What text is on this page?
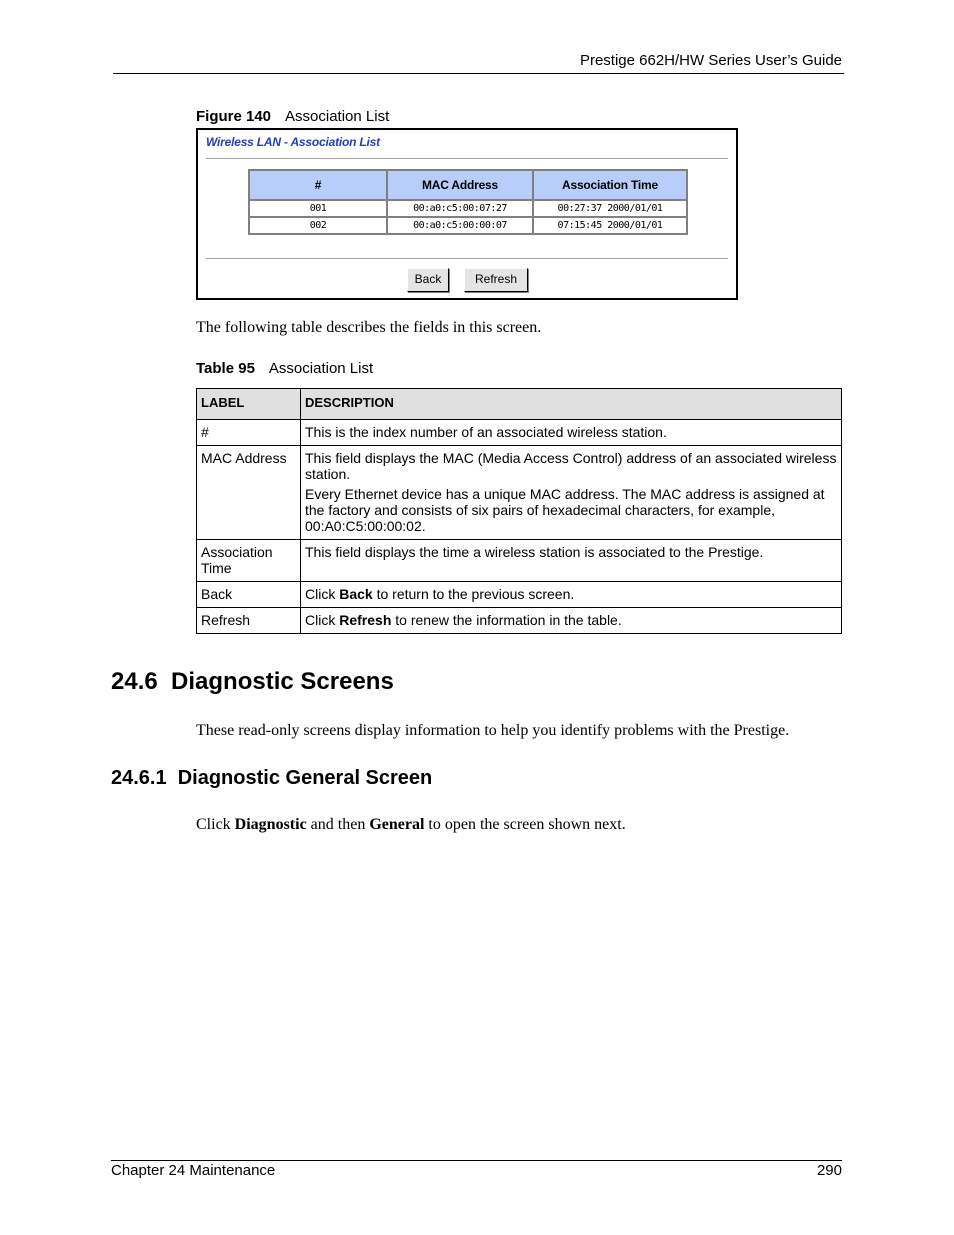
Prestige 662H/HW Series User’s Guide
Figure 140 Association List
Wireless LAN - Association List
#	MAC Address	Association Time
001	00:a0:c5:00:07:27	00:27:37 2000/01/01
002	00:a0:c5:00:00:07	07:15:45 2000/01/01
Back	Refresh
The following table describes the fields in this screen.
Table 95 Association List
LABEL	DESCRIPTION
#	This is the index number of an associated wireless station.
MAC Address	This field displays the MAC (Media Access Control) address of an associated wireless station.

Every Ethernet device has a unique MAC address. The MAC address is assigned at the factory and consists of six pairs of hexadecimal characters, for example, 00:A0:C5:00:00:02.

Association Time	This field displays the time a wireless station is associated to the Prestige.
Back	Click Back to return to the previous screen.
Refresh	Click Refresh to renew the information in the table.
24.6  Diagnostic Screens
These read-only screens display information to help you identify problems with the Prestige.
24.6.1  Diagnostic General Screen
Click Diagnostic and then General to open the screen shown next.
Chapter 24 Maintenance	290
